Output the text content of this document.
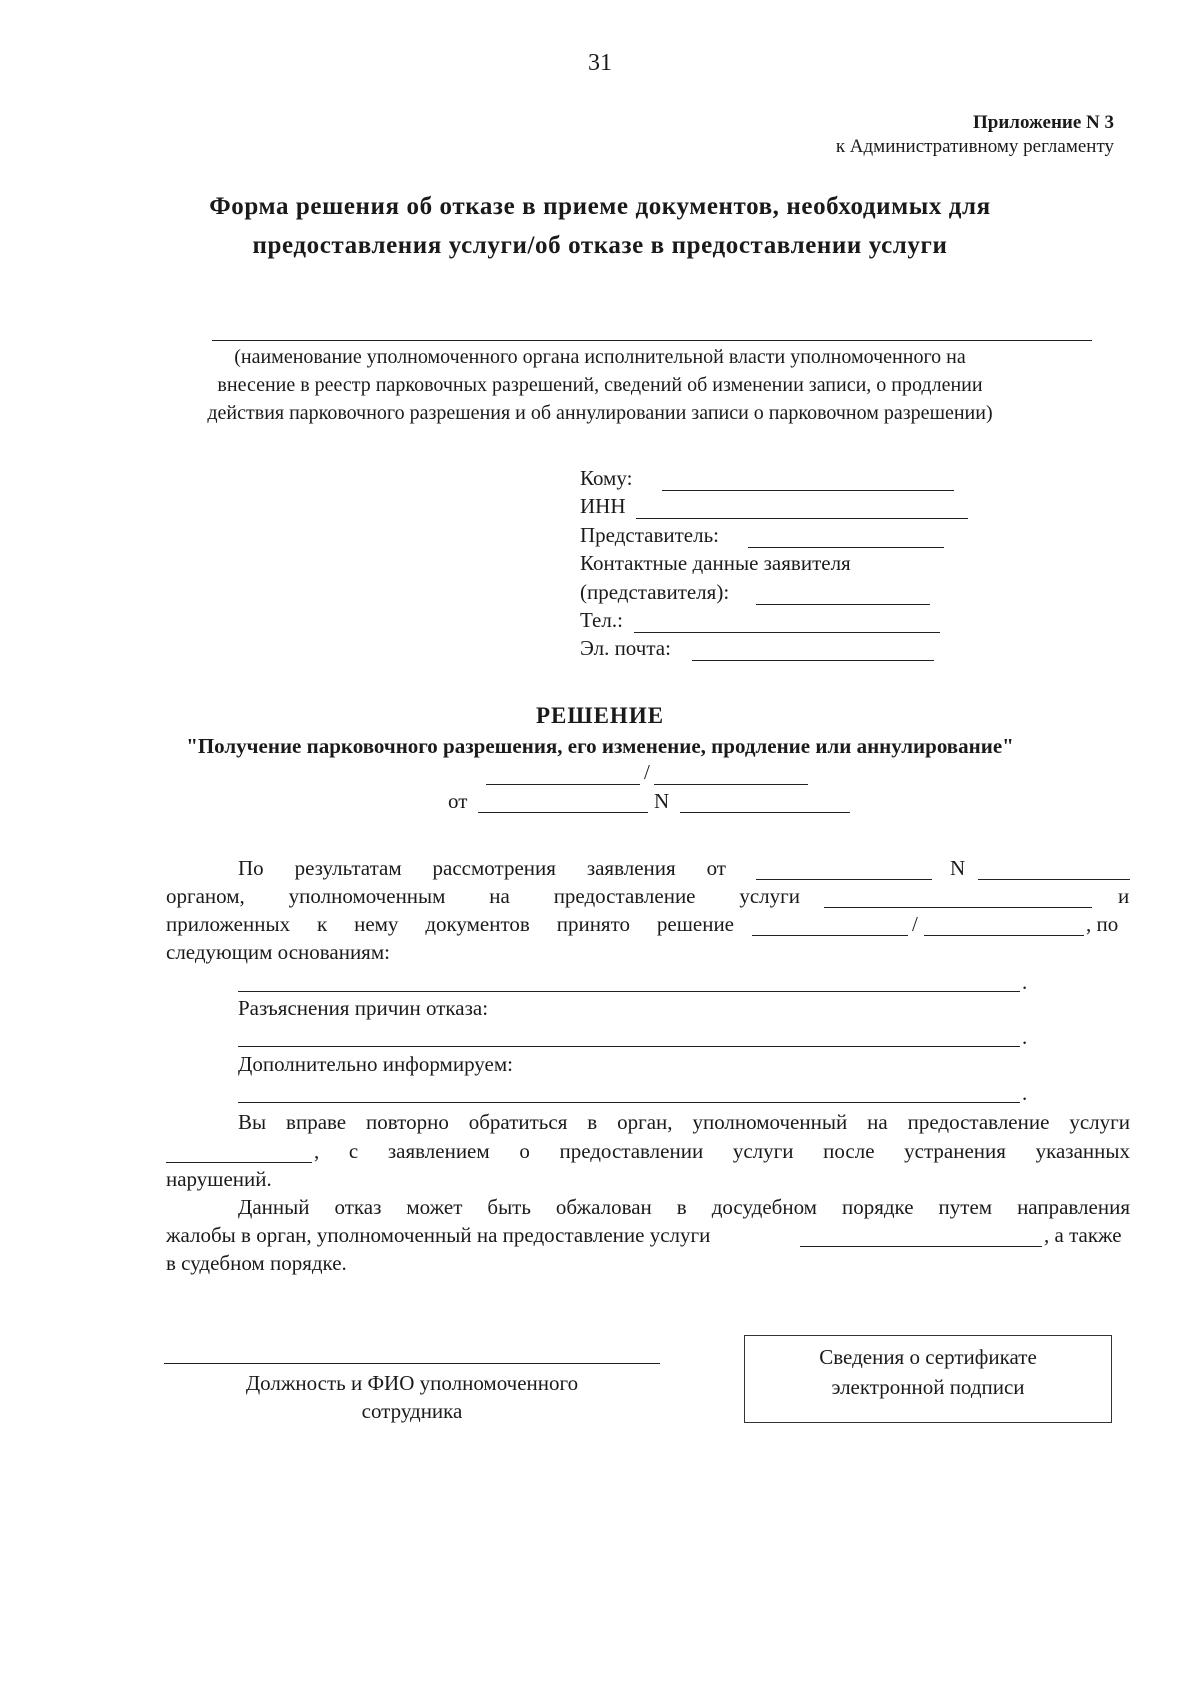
31
Приложение N 3
к Административному регламенту
Форма решения об отказе в приеме документов, необходимых для
предоставления услуги/об отказе в предоставлении услуги
(наименование уполномоченного органа исполнительной власти уполномоченного на
внесение в реестр парковочных разрешений, сведений об изменении записи, о продлении
действия парковочного разрешения и об аннулировании записи о парковочном разрешении)
Кому:
ИНН
Представитель:
Контактные данные заявителя
(представителя):
Тел.:
Эл. почта:
РЕШЕНИЕ
"Получение парковочного разрешения, его изменение, продление или аннулирование"
/
от	N
По результатам рассмотрения заявления от	N
органом, уполномоченным на предоставление услуги	и
приложенных к нему документов принято решение	/	, по
следующим основаниям:
.
Разъяснения причин отказа:
.
Дополнительно информируем:
.
Вы вправе повторно обратиться в орган, уполномоченный на предоставление услуги
, с заявлением о предоставлении услуги после устранения указанных
нарушений.
Данный отказ может быть обжалован в досудебном порядке путем направления
жалобы в орган, уполномоченный на предоставление услуги	, а также
в судебном порядке.
Должность и ФИО уполномоченного
сотрудника
Сведения о сертификате
электронной подписи
